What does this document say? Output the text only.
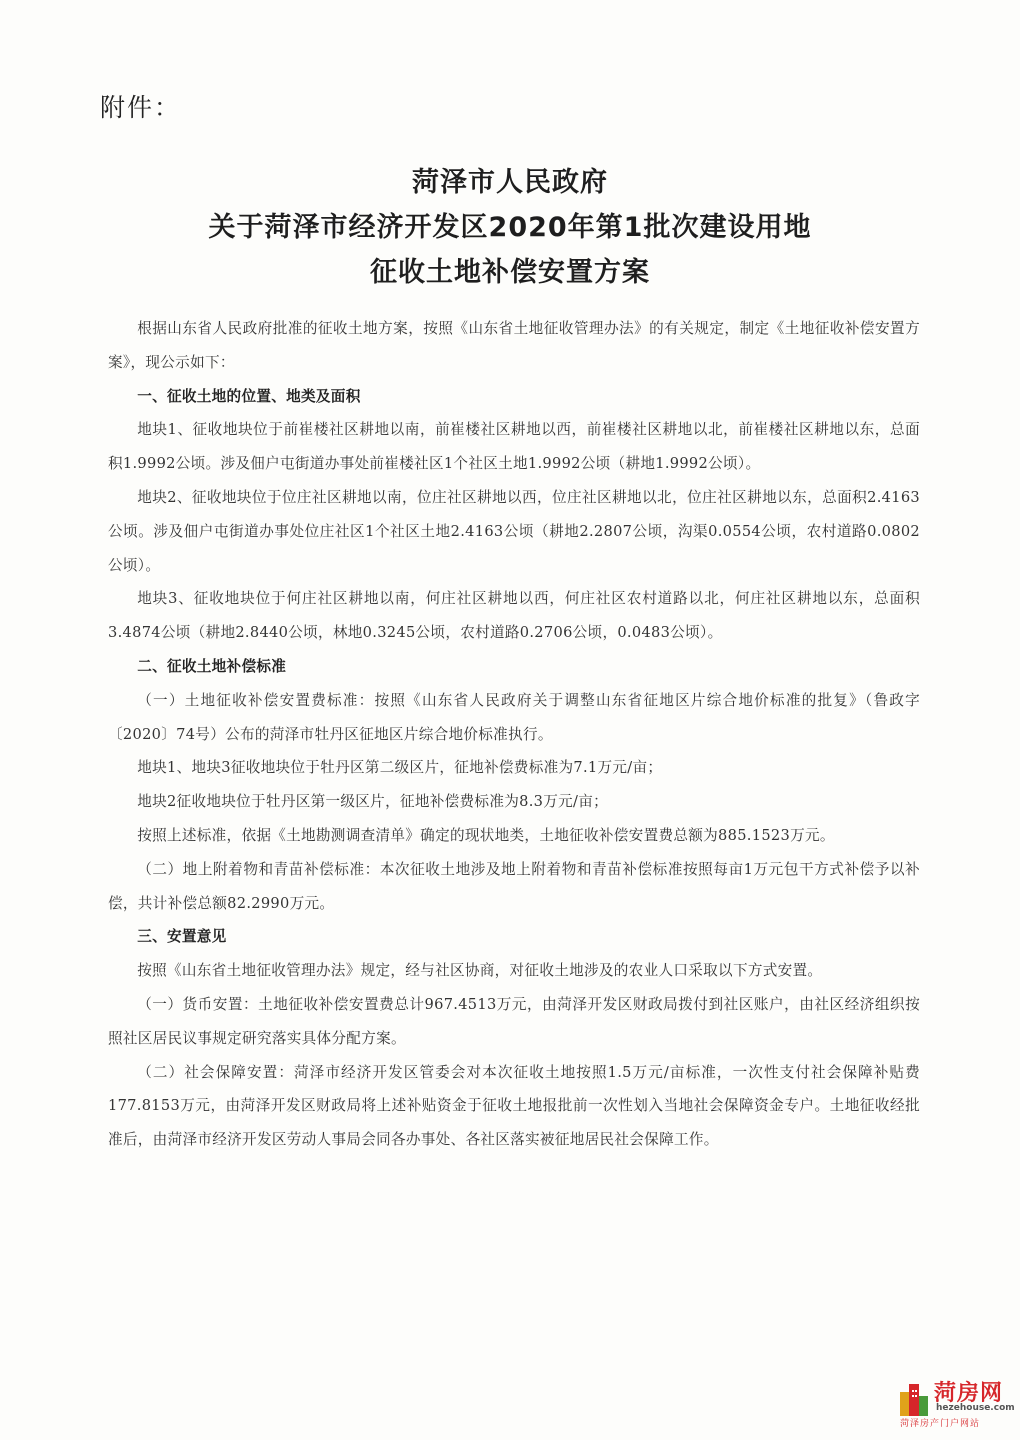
附件：
菏泽市人民政府
关于菏泽市经济开发区2020年第1批次建设用地
征收土地补偿安置方案

根据山东省人民政府批准的征收土地方案，按照《山东省土地征收管理办法》的有关规定，制定《土地征收补偿安置方案》，现公示如下：

一、征收土地的位置、地类及面积

地块1、征收地块位于前崔楼社区耕地以南，前崔楼社区耕地以西，前崔楼社区耕地以北，前崔楼社区耕地以东，总面积1.9992公顷。涉及佃户屯街道办事处前崔楼社区1个社区土地1.9992公顷（耕地1.9992公顷）。

地块2、征收地块位于位庄社区耕地以南，位庄社区耕地以西，位庄社区耕地以北，位庄社区耕地以东，总面积2.4163公顷。涉及佃户屯街道办事处位庄社区1个社区土地2.4163公顷（耕地2.2807公顷，沟渠0.0554公顷，农村道路0.0802公顷）。

地块3、征收地块位于何庄社区耕地以南，何庄社区耕地以西，何庄社区农村道路以北，何庄社区耕地以东，总面积3.4874公顷（耕地2.8440公顷，林地0.3245公顷，农村道路0.2706公顷，0.0483公顷）。

二、征收土地补偿标准

（一）土地征收补偿安置费标准：按照《山东省人民政府关于调整山东省征地区片综合地价标准的批复》（鲁政字〔2020〕74号）公布的菏泽市牡丹区征地区片综合地价标准执行。

地块1、地块3征收地块位于牡丹区第二级区片，征地补偿费标准为7.1万元/亩；

地块2征收地块位于牡丹区第一级区片，征地补偿费标准为8.3万元/亩；

按照上述标准，依据《土地勘测调查清单》确定的现状地类，土地征收补偿安置费总额为885.1523万元。

（二）地上附着物和青苗补偿标准：本次征收土地涉及地上附着物和青苗补偿标准按照每亩1万元包干方式补偿予以补偿，共计补偿总额82.2990万元。

三、安置意见

按照《山东省土地征收管理办法》规定，经与社区协商，对征收土地涉及的农业人口采取以下方式安置。

（一）货币安置：土地征收补偿安置费总计967.4513万元，由菏泽开发区财政局拨付到社区账户，由社区经济组织按照社区居民议事规定研究落实具体分配方案。

（二）社会保障安置：菏泽市经济开发区管委会对本次征收土地按照1.5万元/亩标准，一次性支付社会保障补贴费177.8153万元，由菏泽开发区财政局将上述补贴资金于征收土地报批前一次性划入当地社会保障资金专户。土地征收经批准后，由菏泽市经济开发区劳动人事局会同各办事处、各社区落实被征地居民社会保障工作。

菏房网
hezehouse.com
菏泽房产门户网站
